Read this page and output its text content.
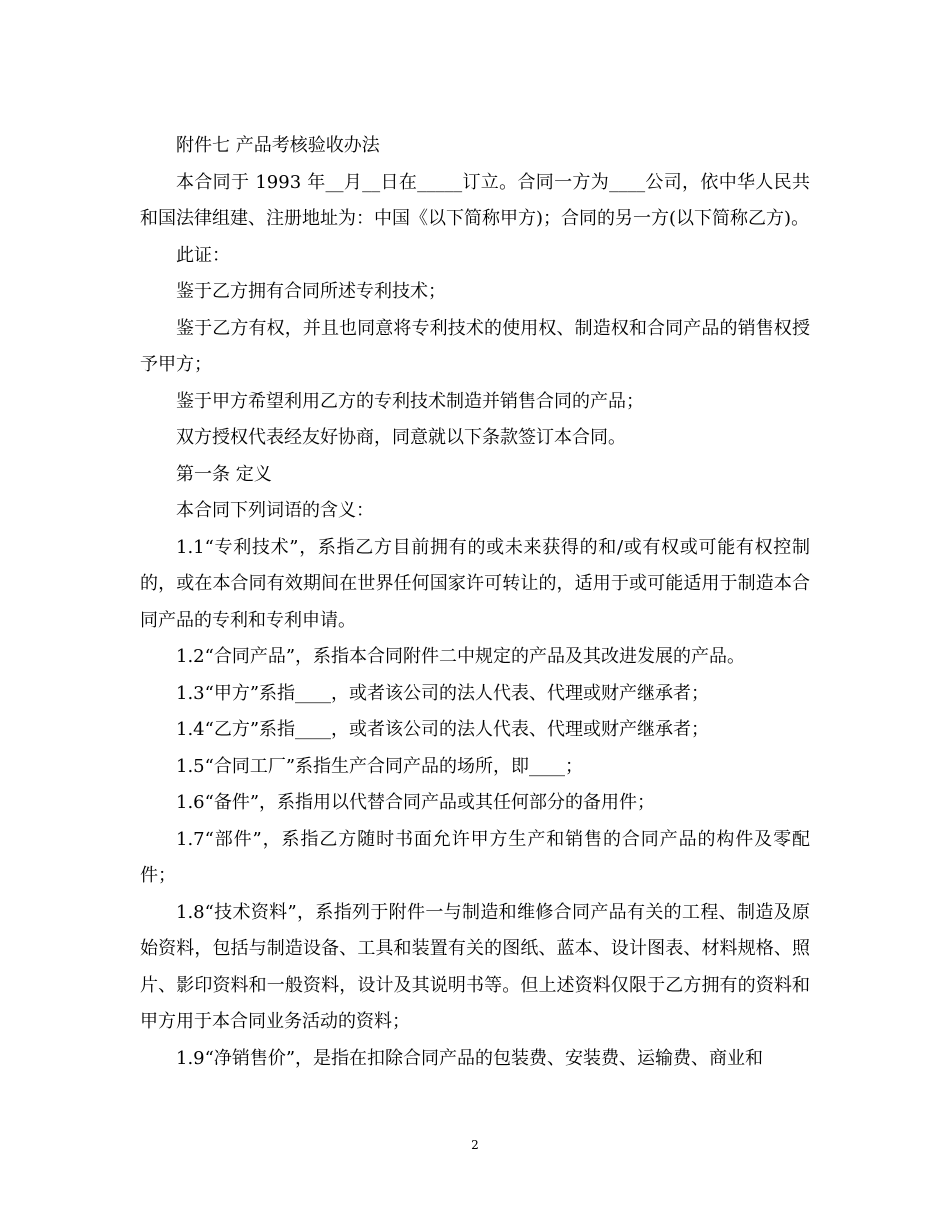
附件七 产品考核验收办法

本合同于 1993 年__月__日在_____订立。合同一方为____公司，依中华人民共和国法律组建、注册地址为：中国《以下简称甲方)；合同的另一方(以下简称乙方)。

此证：

鉴于乙方拥有合同所述专利技术；

鉴于乙方有权，并且也同意将专利技术的使用权、制造权和合同产品的销售权授予甲方；

鉴于甲方希望利用乙方的专利技术制造并销售合同的产品；

双方授权代表经友好协商，同意就以下条款签订本合同。

第一条 定义

本合同下列词语的含义：

1.1“专利技术”，系指乙方目前拥有的或未来获得的和/或有权或可能有权控制的，或在本合同有效期间在世界任何国家许可转让的，适用于或可能适用于制造本合同产品的专利和专利申请。

1.2“合同产品”，系指本合同附件二中规定的产品及其改进发展的产品。

1.3“甲方”系指____，或者该公司的法人代表、代理或财产继承者；

1.4“乙方”系指____，或者该公司的法人代表、代理或财产继承者；

1.5“合同工厂”系指生产合同产品的场所，即____；

1.6“备件”，系指用以代替合同产品或其任何部分的备用件；

1.7“部件”，系指乙方随时书面允许甲方生产和销售的合同产品的构件及零配件；

1.8“技术资料”，系指列于附件一与制造和维修合同产品有关的工程、制造及原始资料，包括与制造设备、工具和装置有关的图纸、蓝本、设计图表、材料规格、照片、影印资料和一般资料，设计及其说明书等。但上述资料仅限于乙方拥有的资料和甲方用于本合同业务活动的资料；

1.9“净销售价”，是指在扣除合同产品的包装费、安装费、运输费、商业和

2
